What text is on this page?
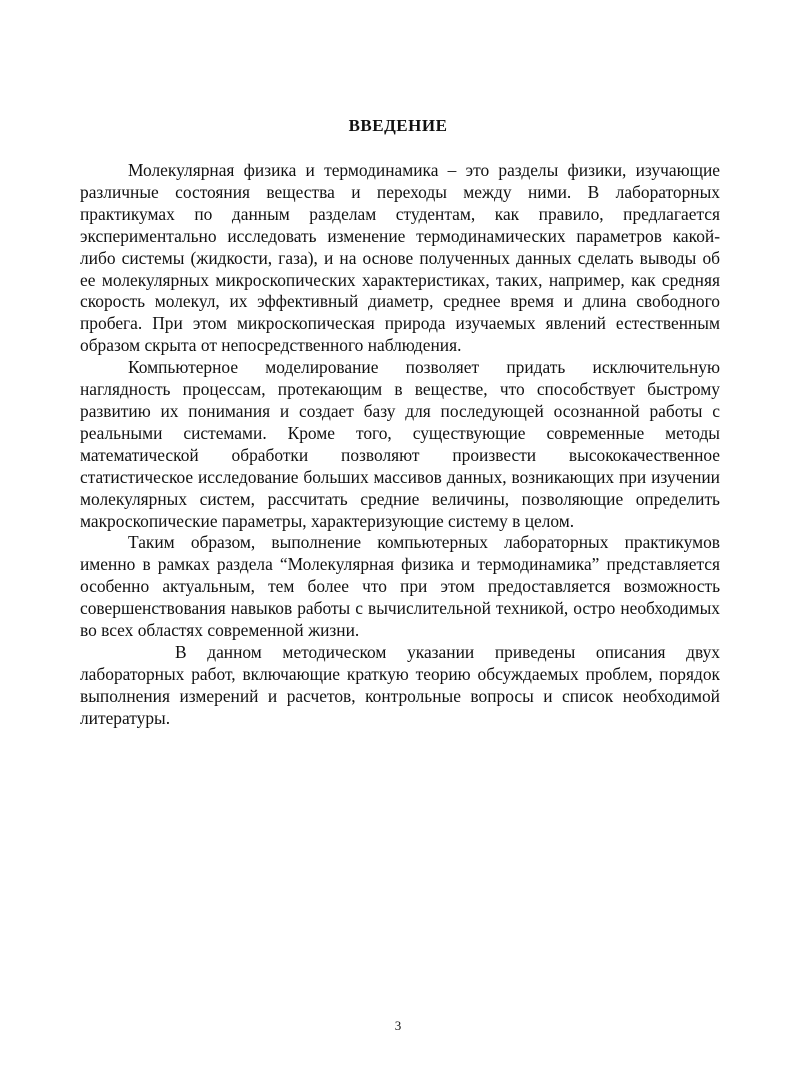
ВВЕДЕНИЕ

Молекулярная физика и термодинамика – это разделы физики, изучающие различные состояния вещества и переходы между ними. В лабораторных практикумах по данным разделам студентам, как правило, предлагается экспериментально исследовать изменение термодинамических параметров какой-либо системы (жидкости, газа), и на основе полученных данных сделать выводы об ее молекулярных микроскопических характеристиках, таких, например, как средняя скорость молекул, их эффективный диаметр, среднее время и длина свободного пробега. При этом микроскопическая природа изучаемых явлений естественным образом скрыта от непосредственного наблюдения.

Компьютерное моделирование позволяет придать исключительную наглядность процессам, протекающим в веществе, что способствует быстрому развитию их понимания и создает базу для последующей осознанной работы с реальными системами. Кроме того, существующие современные методы математической обработки позволяют произвести высококачественное статистическое исследование больших массивов данных, возникающих при изучении молекулярных систем, рассчитать средние величины, позволяющие определить макроскопические параметры, характеризующие систему в целом.

Таким образом, выполнение компьютерных лабораторных практикумов именно в рамках раздела “Молекулярная физика и термодинамика” представляется особенно актуальным, тем более что при этом предоставляется возможность совершенствования навыков работы с вычислительной техникой, остро необходимых во всех областях современной жизни.

В данном методическом указании приведены описания двух лабораторных работ, включающие краткую теорию обсуждаемых проблем, порядок выполнения измерений и расчетов, контрольные вопросы и список необходимой литературы.

3
